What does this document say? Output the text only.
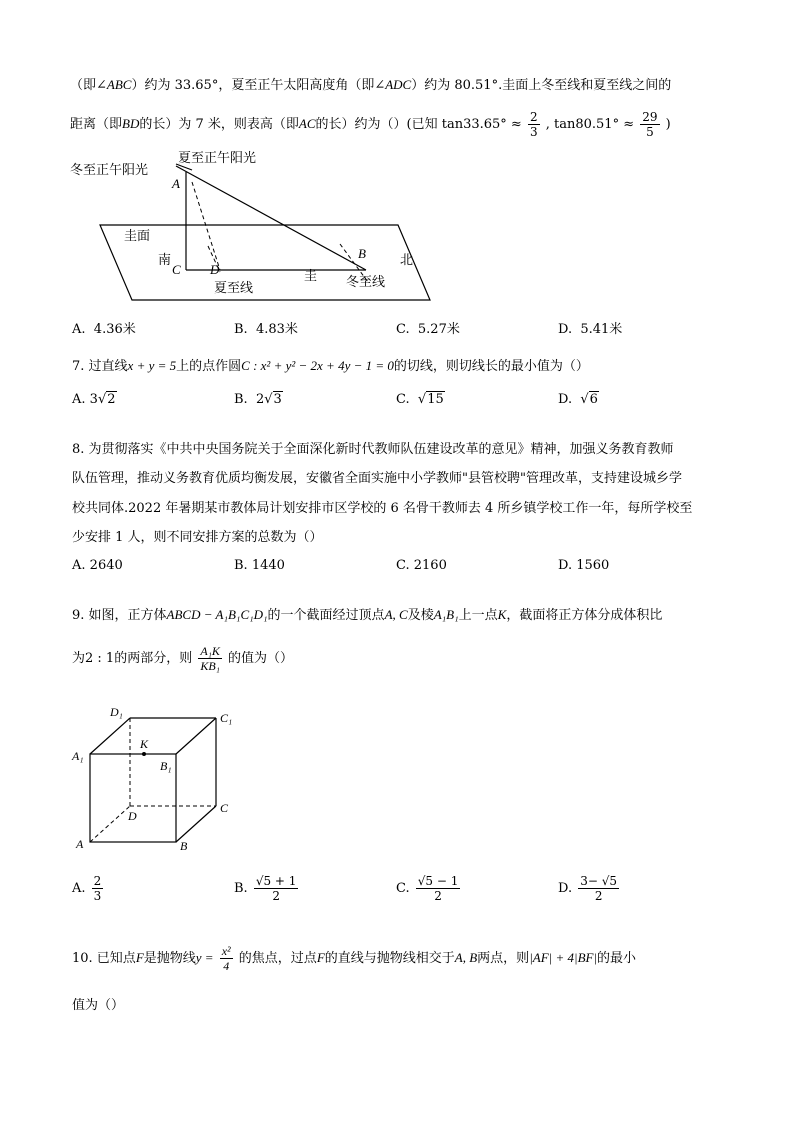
（即∠ABC）约为 33.65°，夏至正午太阳高度角（即∠ADC）约为 80.51°.圭面上冬至线和夏至线之间的
距离（即BD的长）为 7 米，则表高（即AC的长）约为（）(已知 $\tan 33.65^\circ \approx \frac{2}{3}$ , $\tan 80.51^\circ \approx \frac{29}{5}$ )
冬至正午阳光
夏至正午阳光
A
圭面
南
C D
夏至线
圭
B	北
冬至线
A. 4.36米	B. 4.83米	C. 5.27米	D. 5.41米
7. 过直线x + y = 5上的点作圆C : x² + y² − 2x + 4y − 1 = 0的切线，则切线长的最小值为（）
A. 3√2	B. 2√3	C. √15	D. √6
8. 为贯彻落实《中共中央国务院关于全面深化新时代教师队伍建设改革的意见》精神，加强义务教育教师
队伍管理，推动义务教育优质均衡发展，安徽省全面实施中小学教师"县管校聘"管理改革，支持建设城乡学
校共同体.2022 年暑期某市教体局计划安排市区学校的 6 名骨干教师去 4 所乡镇学校工作一年，每所学校至
少安排 1 人，则不同安排方案的总数为（）
A. 2640	B. 1440	C. 2160	D. 1560
9. 如图，正方体ABCD − A₁B₁C₁D₁的一个截面经过顶点A, C及棱A₁B₁上一点K，截面将正方体分成体积比
为2 : 1的两部分，则 $\frac{\text{A₁K}}{\text{KB₁}}$ 的值为（）
D₁	C₁
A₁
K
B₁
C
D
A	B
A. $\frac{2}{3}$	B. $\frac{√5 + 1}{2}$	C. $\frac{√5 - 1}{2}$	D. $\frac{3- √5}{2}$
10. 已知点F是抛物线$y = \frac{\text{x²}}{4}$ 的焦点，过点F的直线与抛物线相交于A, B两点，则|AF| + 4|BF|的最小
值为（）
